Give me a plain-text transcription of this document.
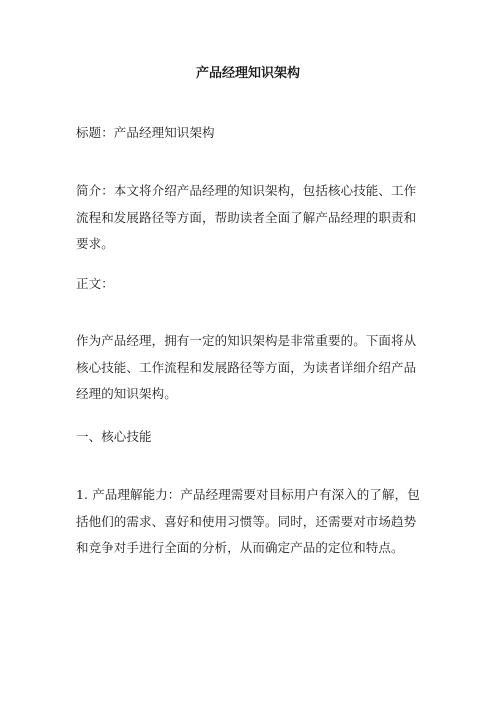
产品经理知识架构

标题：产品经理知识架构

简介：本文将介绍产品经理的知识架构，包括核心技能、工作流程和发展路径等方面，帮助读者全面了解产品经理的职责和要求。

正文：

作为产品经理，拥有一定的知识架构是非常重要的。下面将从核心技能、工作流程和发展路径等方面，为读者详细介绍产品经理的知识架构。

一、核心技能

1. 产品理解能力：产品经理需要对目标用户有深入的了解，包括他们的需求、喜好和使用习惯等。同时，还需要对市场趋势和竞争对手进行全面的分析，从而确定产品的定位和特点。
